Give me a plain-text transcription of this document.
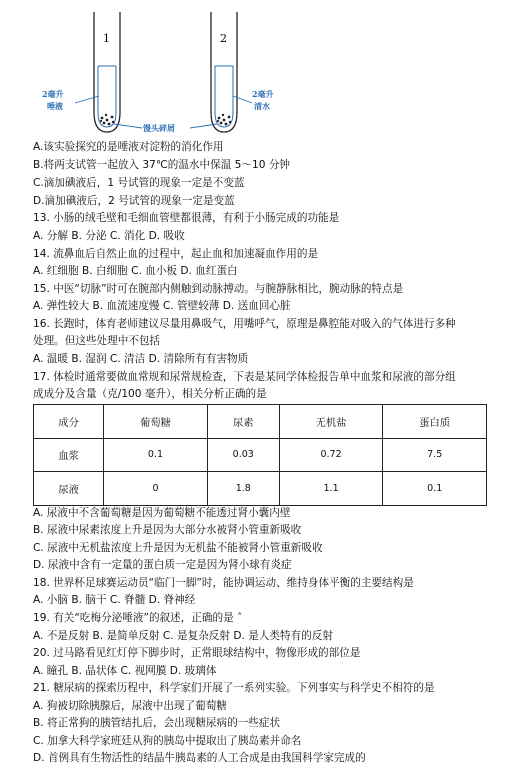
1	2
2毫升
唾液
2毫升
清水
馒头碎屑
A.该实验探究的是唾液对淀粉的消化作用
B.将两支试管一起放入 37℃的温水中保温 5～10 分钟
C.滴加碘液后，1 号试管的现象一定是不变蓝
D.滴加碘液后，2 号试管的现象一定是变蓝
13. 小肠的绒毛壁和毛细血管壁都很薄，有利于小肠完成的功能是
A. 分解 B. 分泌 C. 消化 D. 吸收
14. 流鼻血后自然止血的过程中，起止血和加速凝血作用的是
A. 红细胞 B. 白细胞 C. 血小板 D. 血红蛋白
15. 中医“切脉”时可在腕部内侧触到动脉搏动。与腕静脉相比，腕动脉的特点是
A. 弹性较大 B. 血流速度慢 C. 管壁较薄 D. 送血回心脏
16. 长跑时，体育老师建议尽量用鼻吸气，用嘴呼气，原理是鼻腔能对吸入的气体进行多种
处理。但这些处理中不包括
A. 温暖 B. 湿润 C. 清洁 D. 清除所有有害物质
17. 体检时通常要做血常规和尿常规检查，下表是某同学体检报告单中血浆和尿液的部分组
成成分及含量（克/100 毫升），相关分析正确的是
成分	葡萄糖	尿素	无机盐	蛋白质
血浆	0.1	0.03	0.72	7.5
尿液	0	1.8	1.1	0.1
A. 尿液中不含葡萄糖是因为葡萄糖不能透过肾小囊内壁
B. 尿液中尿素浓度上升是因为大部分水被肾小管重新吸收
C. 尿液中无机盐浓度上升是因为无机盐不能被肾小管重新吸收
D. 尿液中含有一定量的蛋白质一定是因为肾小球有炎症
18. 世界杯足球赛运动员“临门一脚”时，能协调运动、维持身体平衡的主要结构是
A. 小脑 B. 脑干 C. 脊髓 D. 脊神经
19. 有关“吃梅分泌唾液”的叙述，正确的是 ˆ
A. 不是反射 B. 是简单反射 C. 是复杂反射 D. 是人类特有的反射
20. 过马路看见红灯停下脚步时，正常眼球结构中，物像形成的部位是
A. 瞳孔 B. 晶状体 C. 视网膜 D. 玻璃体
21. 糖尿病的探索历程中，科学家们开展了一系列实验。下列事实与科学史不相符的是
A. 狗被切除胰腺后，尿液中出现了葡萄糖
B. 将正常狗的胰管结扎后，会出现糖尿病的一些症状
C. 加拿大科学家班廷从狗的胰岛中提取出了胰岛素并命名
D. 首例具有生物活性的结晶牛胰岛素的人工合成是由我国科学家完成的
